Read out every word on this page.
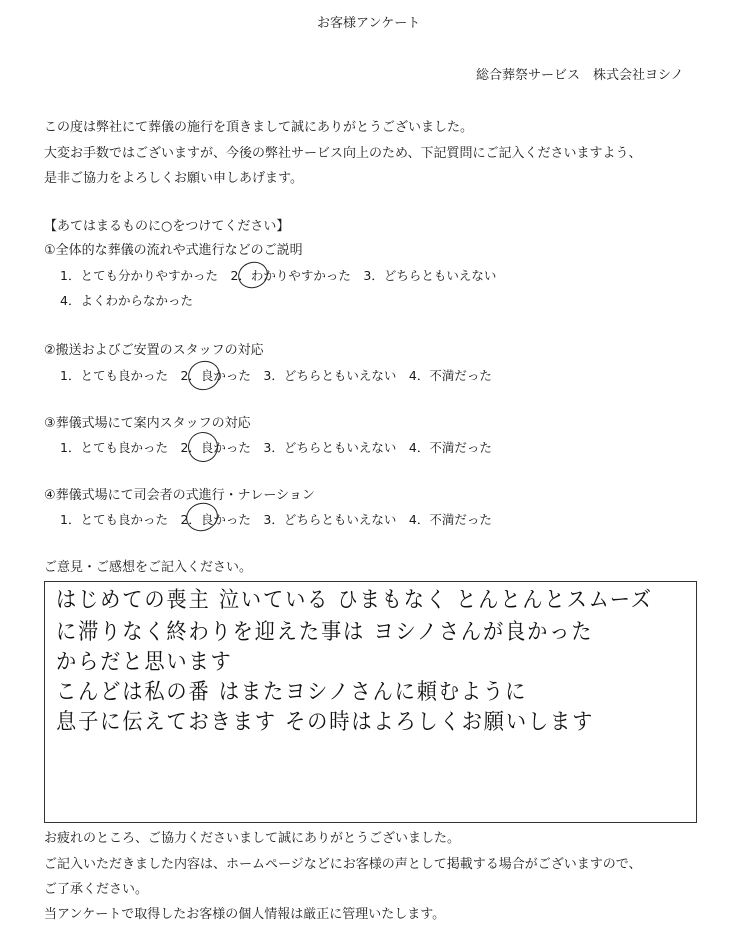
お客様アンケート
総合葬祭サービス　株式会社ヨシノ
この度は弊社にて葬儀の施行を頂きまして誠にありがとうございました。
大変お手数ではございますが、今後の弊社サービス向上のため、下記質問にご記入くださいますよう、
是非ご協力をよろしくお願い申しあげます。
【あてはまるものに○をつけてください】
①全体的な葬儀の流れや式進行などのご説明
1．とても分かりやすかった　2．わかりやすかった　3．どちらともいえない
4．よくわからなかった
②搬送およびご安置のスタッフの対応
1．とても良かった　2．良かった　3．どちらともいえない　4．不満だった
③葬儀式場にて案内スタッフの対応
1．とても良かった　2．良かった　3．どちらともいえない　4．不満だった
④葬儀式場にて司会者の式進行・ナレーション
1．とても良かった　2．良かった　3．どちらともいえない　4．不満だった
ご意見・ご感想をご記入ください。
はじめての喪主 泣いている ひまもなく とんとんとスムーズ
に滞りなく終わりを迎えた事は ヨシノさんが良かった
からだと思います
こんどは私の番 はまたヨシノさんに頼むように
息子に伝えておきます その時はよろしくお願いします
お疲れのところ、ご協力くださいまして誠にありがとうございました。
ご記入いただきました内容は、ホームページなどにお客様の声として掲載する場合がございますので、
ご了承ください。
当アンケートで取得したお客様の個人情報は厳正に管理いたします。
